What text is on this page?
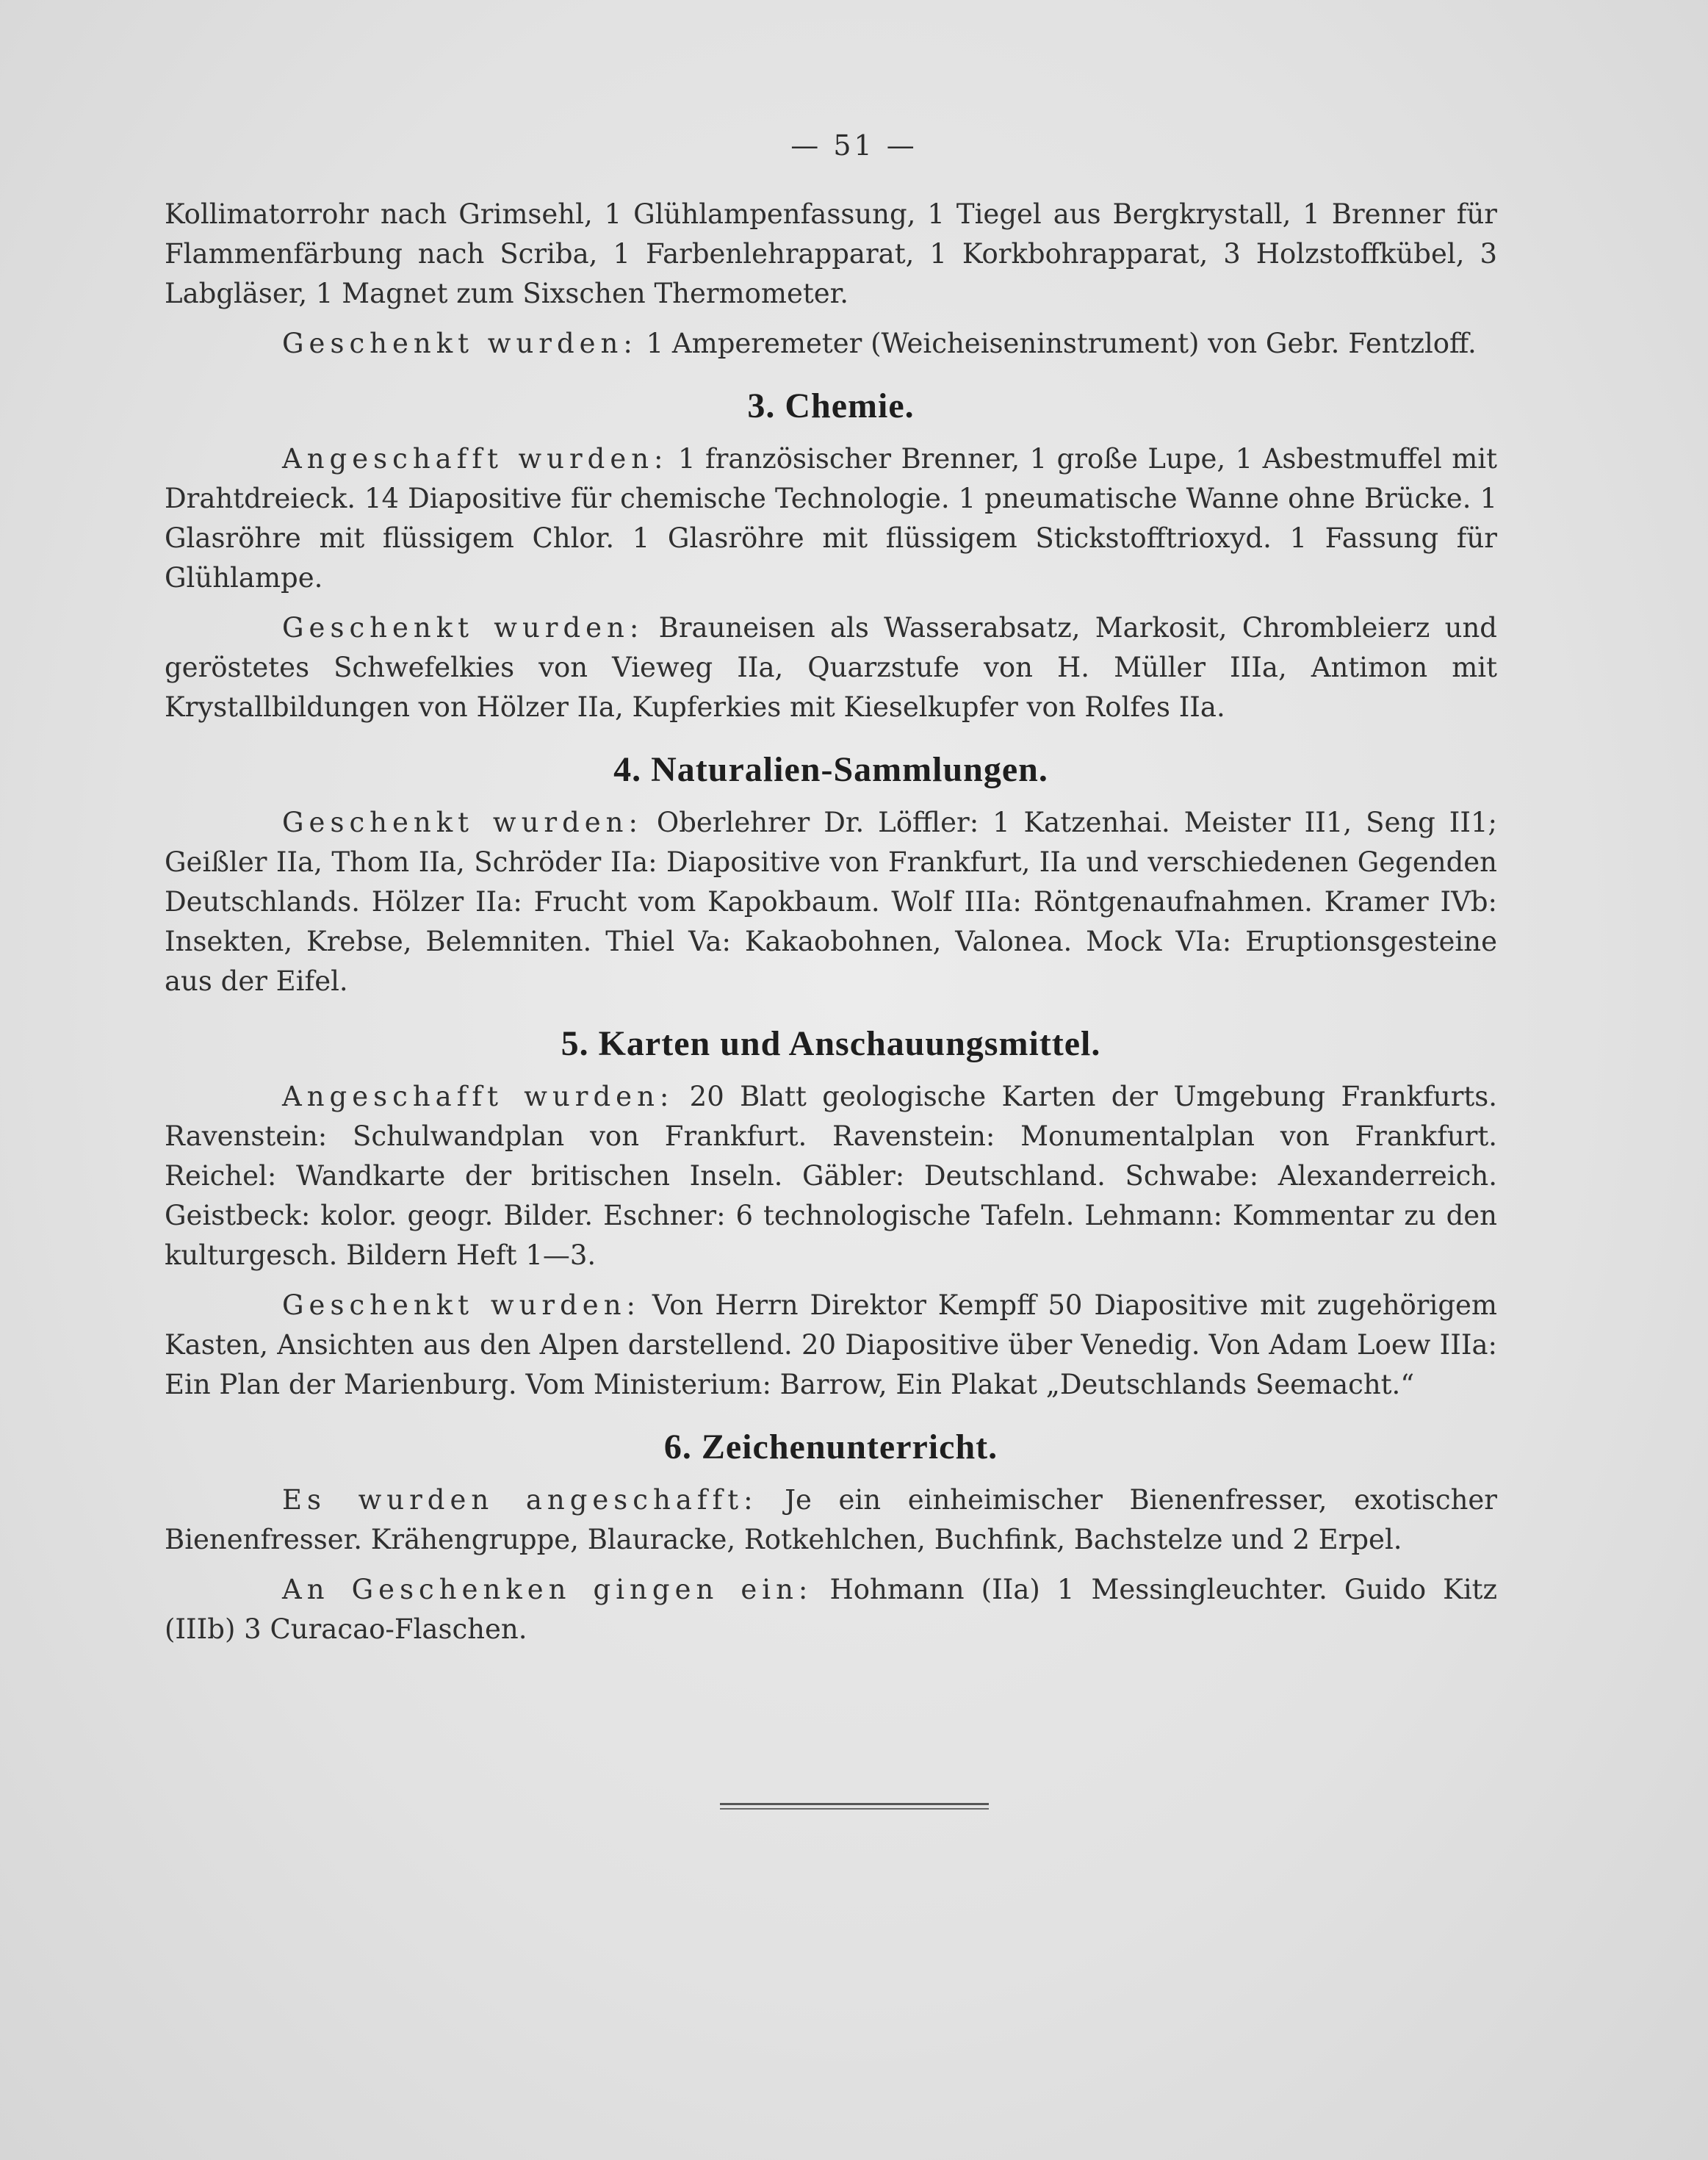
— 51 —

Kollimatorrohr nach Grimsehl, 1 Glühlampenfassung, 1 Tiegel aus Bergkrystall, 1 Brenner für Flammenfärbung nach Scriba, 1 Farbenlehrapparat, 1 Korkbohrapparat, 3 Holzstoffkübel, 3 Labgläser, 1 Magnet zum Sixschen Thermometer.

Geschenkt wurden: 1 Amperemeter (Weicheiseninstrument) von Gebr. Fentzloff.

3. Chemie.

Angeschafft wurden: 1 französischer Brenner, 1 große Lupe, 1 Asbestmuffel mit Drahtdreieck. 14 Diapositive für chemische Technologie. 1 pneumatische Wanne ohne Brücke. 1 Glasröhre mit flüssigem Chlor. 1 Glasröhre mit flüssigem Stickstofftrioxyd. 1 Fassung für Glühlampe.

Geschenkt wurden: Brauneisen als Wasserabsatz, Markosit, Chrombleierz und geröstetes Schwefelkies von Vieweg IIa, Quarzstufe von H. Müller IIIa, Antimon mit Krystallbildungen von Hölzer IIa, Kupferkies mit Kieselkupfer von Rolfes IIa.

4. Naturalien-Sammlungen.

Geschenkt wurden: Oberlehrer Dr. Löffler: 1 Katzenhai. Meister II1, Seng II1; Geißler IIa, Thom IIa, Schröder IIa: Diapositive von Frankfurt, IIa und verschiedenen Gegenden Deutschlands. Hölzer IIa: Frucht vom Kapokbaum. Wolf IIIa: Röntgenaufnahmen. Kramer IVb: Insekten, Krebse, Belemniten. Thiel Va: Kakaobohnen, Valonea. Mock VIa: Eruptionsgesteine aus der Eifel.

5. Karten und Anschauungsmittel.

Angeschafft wurden: 20 Blatt geologische Karten der Umgebung Frankfurts. Ravenstein: Schulwandplan von Frankfurt. Ravenstein: Monumentalplan von Frankfurt. Reichel: Wandkarte der britischen Inseln. Gäbler: Deutschland. Schwabe: Alexanderreich. Geistbeck: kolor. geogr. Bilder. Eschner: 6 technologische Tafeln. Lehmann: Kommentar zu den kulturgesch. Bildern Heft 1—3.

Geschenkt wurden: Von Herrn Direktor Kempff 50 Diapositive mit zugehörigem Kasten, Ansichten aus den Alpen darstellend. 20 Diapositive über Venedig. Von Adam Loew IIIa: Ein Plan der Marienburg. Vom Ministerium: Barrow, Ein Plakat „Deutschlands Seemacht.“

6. Zeichenunterricht.

Es wurden angeschafft: Je ein einheimischer Bienenfresser, exotischer Bienenfresser. Krähengruppe, Blauracke, Rotkehlchen, Buchfink, Bachstelze und 2 Erpel.

An Geschenken gingen ein: Hohmann (IIa) 1 Messingleuchter. Guido Kitz (IIIb) 3 Curacao-Flaschen.
